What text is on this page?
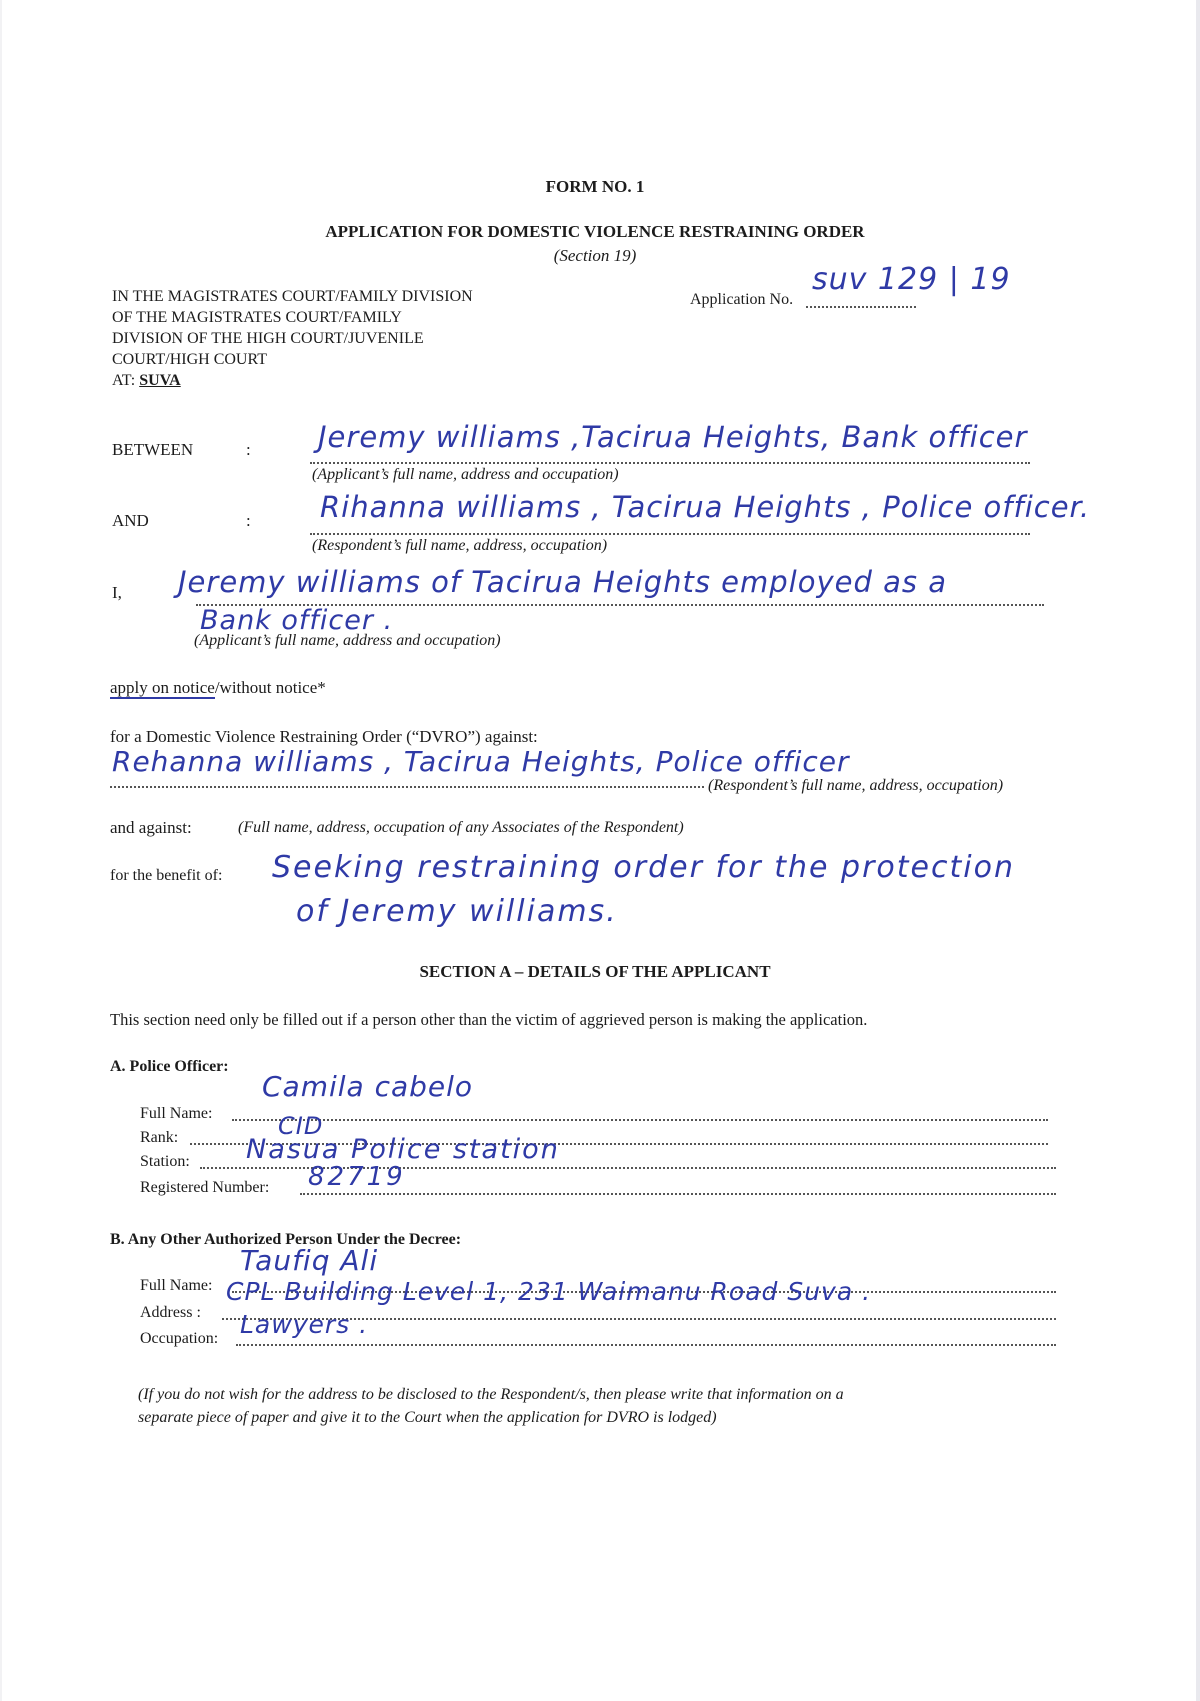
FORM NO. 1
APPLICATION FOR DOMESTIC VIOLENCE RESTRAINING ORDER
(Section 19)
IN THE MAGISTRATES COURT/FAMILY DIVISION
OF THE MAGISTRATES COURT/FAMILY
DIVISION OF THE HIGH COURT/JUVENILE
COURT/HIGH COURT
AT: SUVA
Application No.
suv 129 | 19
BETWEEN	: Jeremy williams ,Tacirua Heights, Bank officer
(Applicant’s full name, address and occupation)
AND	: Rihanna williams , Tacirua Heights , Police officer.
(Respondent’s full name, address, occupation)
I, Jeremy williams of Tacirua Heights employed as a
Bank officer .
(Applicant’s full name, address and occupation)
apply on notice/without notice*
for a Domestic Violence Restraining Order (“DVRO”) against:
Rehanna williams , Tacirua Heights, Police officer
(Respondent’s full name, address, occupation)
and against:	(Full name, address, occupation of any Associates of the Respondent)
for the benefit of: Seeking restraining order for the protection
of Jeremy williams.
SECTION A – DETAILS OF THE APPLICANT
This section need only be filled out if a person other than the victim of aggrieved person is making the application.
A. Police Officer:
Full Name:
Camila cabelo
Rank:	CID
Station: Nasua Police station
Registered Number: 82719
B. Any Other Authorized Person Under the Decree:
Full Name:
Taufiq Ali
Address :
CPL Building Level 1, 231 Waimanu Road Suva .
Occupation: Lawyers .
(If you do not wish for the address to be disclosed to the Respondent/s, then please write that information on a
separate piece of paper and give it to the Court when the application for DVRO is lodged)
